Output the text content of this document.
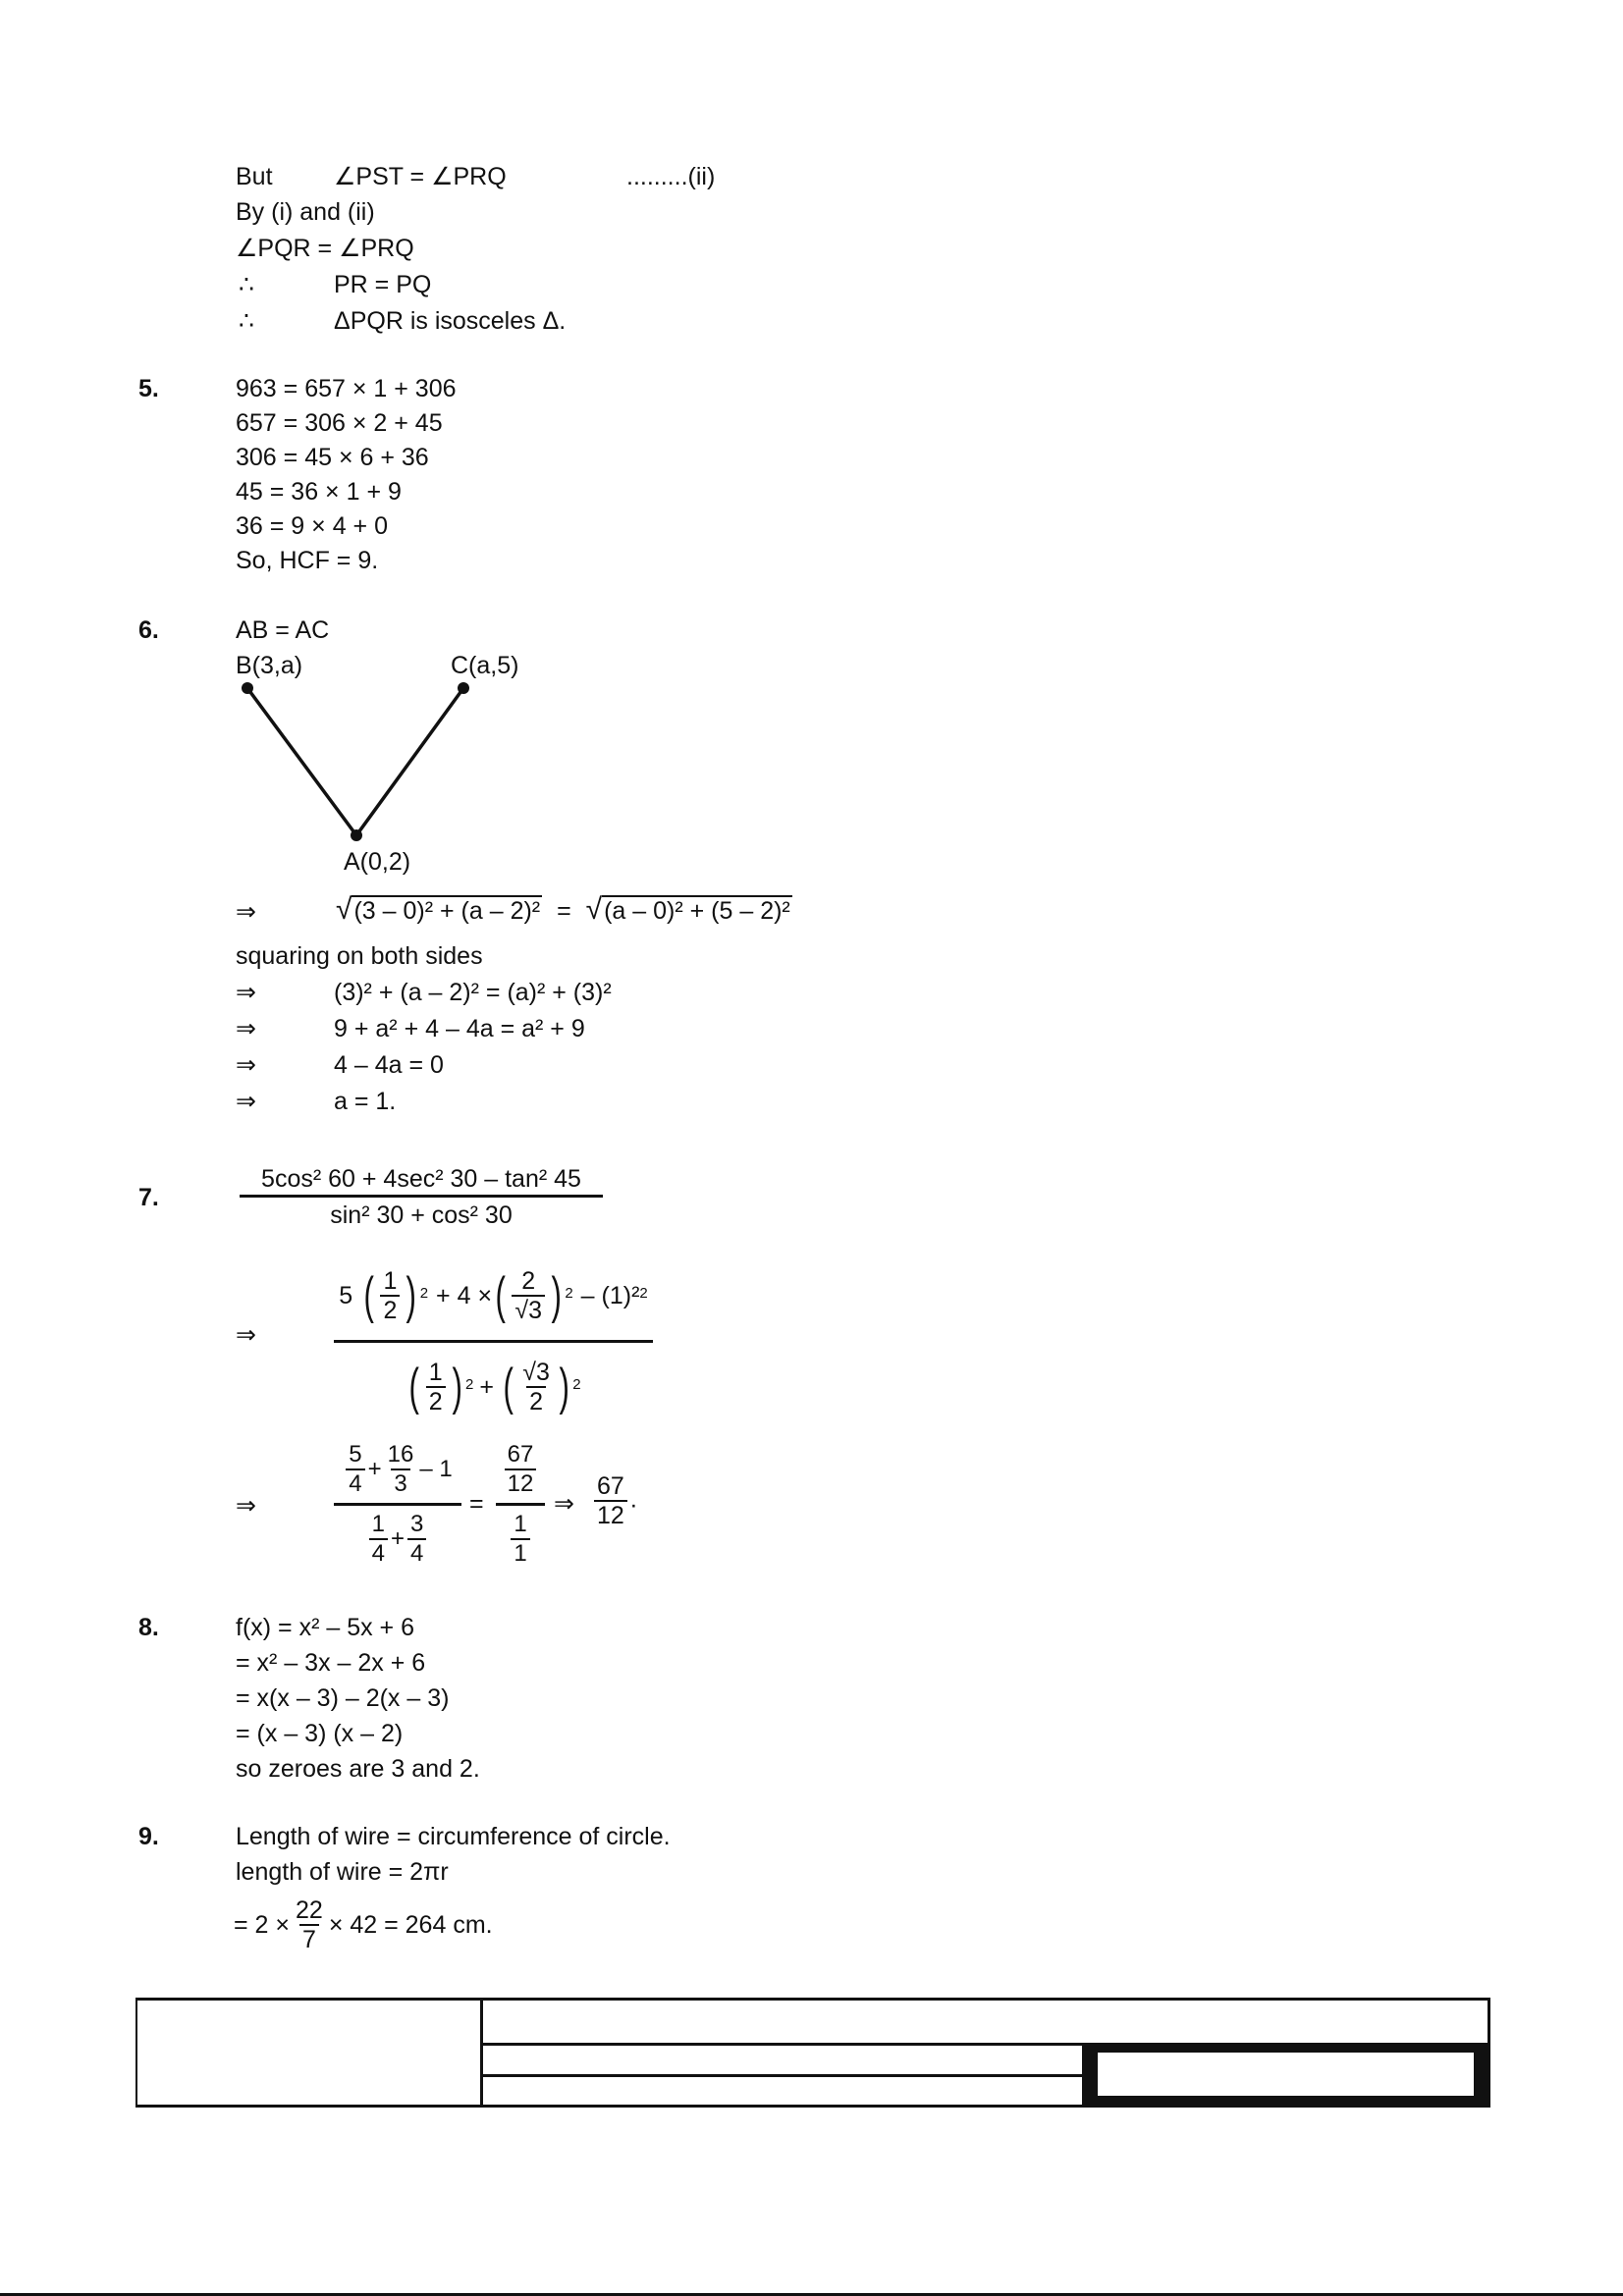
But ∠PST = ∠PRQ	.........(ii)
By (i) and (ii)
∠PQR = ∠PRQ
∴	PR = PQ
∴	ΔPQR is isosceles Δ.
5.	963 = 657 × 1 + 306
657 = 306 × 2 + 45
306 = 45 × 6 + 36
45 = 36 × 1 + 9
36 = 9 × 4 + 0
So, HCF = 9.
6.	AB = AC
B(3,a)	C(a,5)
A(0,2)
⇒	√(3 – 0)² + (a – 2)² = √(a – 0)² + (5 – 2)²
squaring on both sides
⇒	(3)² + (a – 2)² = (a)² + (3)²
⇒	9 + a² + 4 – 4a = a² + 9
⇒	4 – 4a = 0
⇒	a = 1.
7.
5cos² 60 + 4sec² 30 – tan² 45
sin² 30 + cos² 30
⇒	$\frac{5 ( \frac{1}{2} )^2 + 4 \times ( \frac{2}{√3} )^2 - (1)^2^2}{( \frac{1}{2} )^2 + ( \frac{√3}{2} )^2}$
⇒
$\frac{5}{4} + \frac{16}{3} - 1$
$\frac{1}{4} + \frac{3}{4}$
=
$\frac{67}{12}$
$\frac{1}{1}$
⇒ $\frac{67}{12}$ .
8.	f(x) = x² – 5x + 6
= x² – 3x – 2x + 6
= x(x – 3) – 2(x – 3)
= (x – 3) (x – 2)
so zeroes are 3 and 2.
9.	Length of wire = circumference of circle.
length of wire = 2πr
= $2 \times \frac{22}{7} \times 42 = 264$ cm.
